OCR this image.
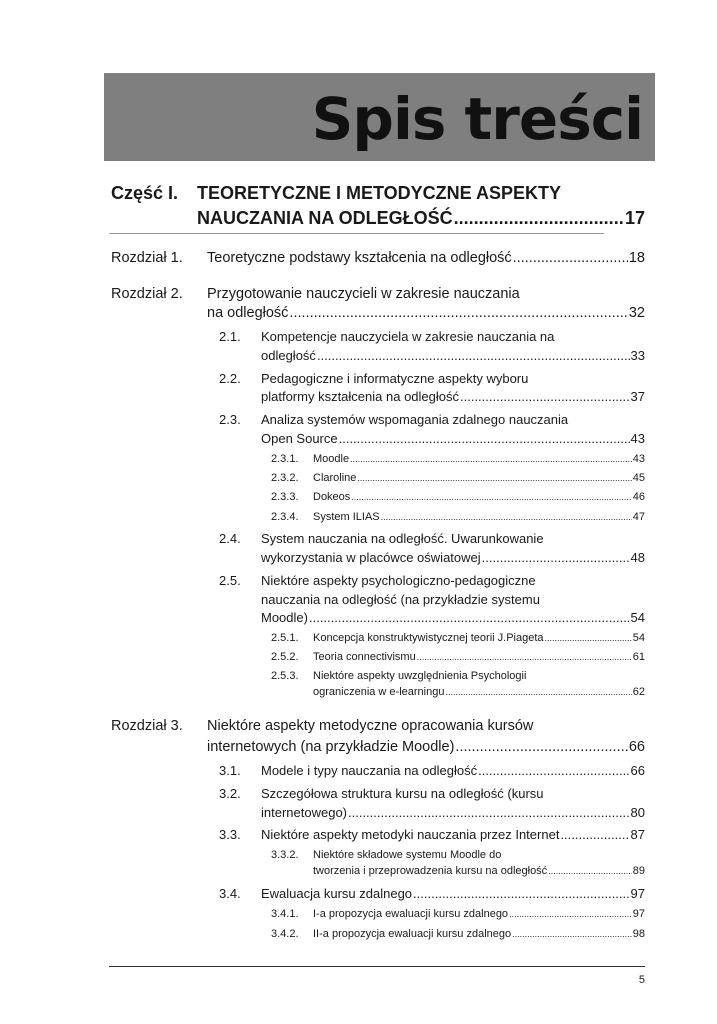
Spis treści
Część I. TEORETYCZNE I METODYCZNE ASPEKTY
NAUCZANIA NA ODLEGŁOŚĆ .....	17
Rozdział 1. Teoretyczne podstawy kształcenia na odległość .....	18
Rozdział 2. Przygotowanie nauczycieli w zakresie nauczania
na odległość .....	32
2.1. Kompetencje nauczyciela w zakresie nauczania na
odległość .....	33
2.2. Pedagogiczne i informatyczne aspekty wyboru
platformy kształcenia na odległość .....	37
2.3. Analiza systemów wspomagania zdalnego nauczania
Open Source .....	43
2.3.1. Moodle .....	43
2.3.2. Claroline .....	45
2.3.3. Dokeos .....	46
2.3.4. System ILIAS .....	47
2.4. System nauczania na odległość. Uwarunkowanie
wykorzystania w placówce oświatowej .....	48
2.5. Niektóre aspekty psychologiczno-pedagogiczne
nauczania na odległość (na przykładzie systemu
Moodle) .....	54
2.5.1. Koncepcja konstruktywistycznej teorii J.Piageta .....	54
2.5.2. Teoria connectivismu .....	61
2.5.3. Niektóre aspekty uwzględnienia Psychologii
ograniczenia w e-learningu .....	62
Rozdział 3. Niektóre aspekty metodyczne opracowania kursów
internetowych (na przykładzie Moodle) .....	66
3.1. Modele i typy nauczania na odległość .....	66
3.2. Szczegółowa struktura kursu na odległość (kursu
internetowego) .....	80
3.3. Niektóre aspekty metodyki nauczania przez Internet .....	87
3.3.2. Niektóre składowe systemu Moodle do
tworzenia i przeprowadzenia kursu na odległość .....	89
3.4. Ewaluacja kursu zdalnego .....	97
3.4.1. I-a propozycja ewaluacji kursu zdalnego .....	97
3.4.2. II-a propozycja ewaluacji kursu zdalnego .....	98
5
